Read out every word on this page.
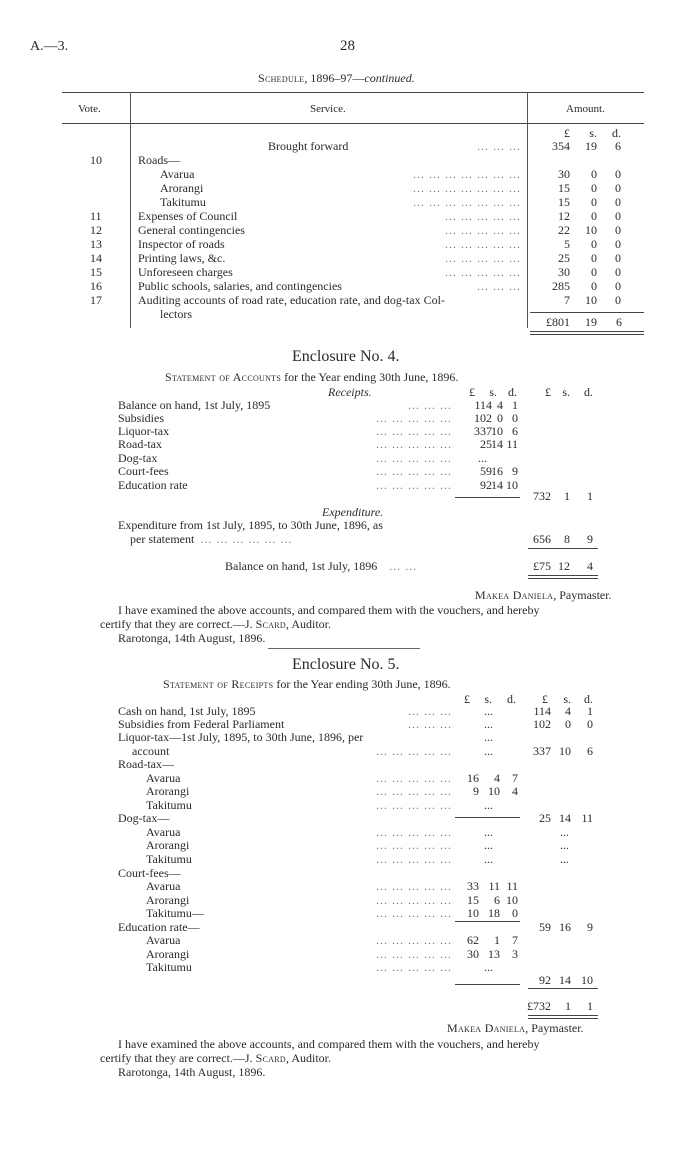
A.—3.	28
Schedule, 1896–97—continued.
Vote.	Service.	Amount.
£	s.	d.
Brought forward	... ... ...	354	19	6
10	Roads—
Avarua	... ... ... ... ... ... ...	30	0	0
Arorangi	... ... ... ... ... ... ...	15	0	0
Takitumu	... ... ... ... ... ... ...	15	0	0
11	Expenses of Council	... ... ... ... ...	12	0	0
12	General contingencies	... ... ... ... ...	22	10	0
13	Inspector of roads	... ... ... ... ...	5	0	0
14	Printing laws, &c.	... ... ... ... ...	25	0	0
15	Unforeseen charges	... ... ... ... ...	30	0	0
16	Public schools, salaries, and contingencies	... ... ...	285	0	0
17	Auditing accounts of road rate, education rate, and dog-tax Col-	7	10	0
lectors
£801	19	6
Enclosure No. 4.
Statement of Accounts for the Year ending 30th June, 1896.
Receipts.	£	s. d.	£ s.	d.
Balance on hand, 1st July, 1895	... ... ...	114 4 1
Subsidies	... ... ... ... ...	102 0 0
Liquor-tax	... ... ... ... ...	337 10 6
Road-tax	... ... ... ... ...	25 14 11
Dog-tax	... ... ... ... ... ...
Court-fees	... ... ... ... ...	59 16 9
Education rate	... ... ... ... ...	92 14 10
732	1	1
Expenditure.
Expenditure from 1st July, 1895, to 30th June, 1896, as
per statement ... ... ... ... ... ...	656	8	9
Balance on hand, 1st July, 1896 ... ...	£75 12	4
Makea Daniela, Paymaster.
I have examined the above accounts, and compared them with the vouchers, and hereby
certify that they are correct.—J. Scard, Auditor.
Rarotonga, 14th August, 1896.
Enclosure No. 5.
Statement of Receipts for the Year ending 30th June, 1896.
£	s.	d.	£	s.	d.
Cash on hand, 1st July, 1895	... ... ...	...	114	4	1
Subsidies from Federal Parliament	... ... ...	...	102	0	0
Liquor-tax—1st July, 1895, to 30th June, 1896, per	...
account	... ... ... ... ...	...	337 10	6
Road-tax—
Avarua	... ... ... ... ...	16	4	7
Arorangi	... ... ... ... ...	9 10	4
Takitumu	... ... ... ... ...	...
Dog-tax—	25 14 11
Avarua	... ... ... ... ...	...	...
Arorangi	... ... ... ... ...	...	...
Takitumu	... ... ... ... ...	...	...
Court-fees—
Avarua	... ... ... ... ...	33 11 11
Arorangi	... ... ... ... ...	15	6 10
Takitumu—	... ... ... ... ...	10 18	0
Education rate—	59 16	9
Avarua	... ... ... ... ...	62	1	7
Arorangi	... ... ... ... ...	30 13	3
Takitumu	... ... ... ... ...	...
92 14 10
£732	1	1
Makea Daniela, Paymaster.
I have examined the above accounts, and compared them with the vouchers, and hereby
certify that they are correct.—J. Scard, Auditor.
Rarotonga, 14th August, 1896.
